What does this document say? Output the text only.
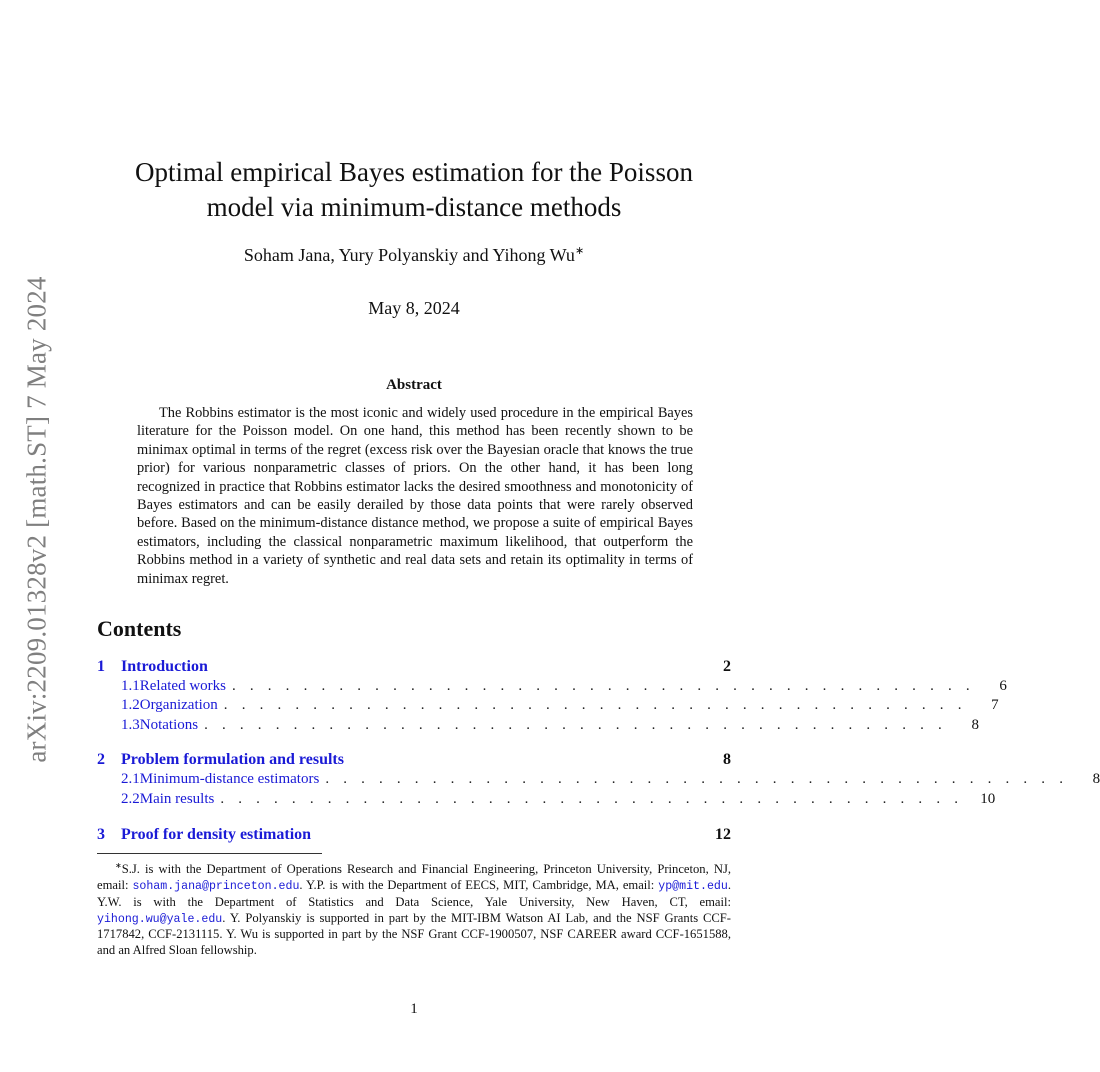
arXiv:2209.01328v2 [math.ST] 7 May 2024
Optimal empirical Bayes estimation for the Poisson
model via minimum-distance methods
Soham Jana, Yury Polyanskiy and Yihong Wu∗
May 8, 2024
Abstract

The Robbins estimator is the most iconic and widely used procedure in the empirical Bayes literature for the Poisson model. On one hand, this method has been recently shown to be minimax optimal in terms of the regret (excess risk over the Bayesian oracle that knows the true prior) for various nonparametric classes of priors. On the other hand, it has been long recognized in practice that Robbins estimator lacks the desired smoothness and monotonicity of Bayes estimators and can be easily derailed by those data points that were rarely observed before. Based on the minimum-distance distance method, we propose a suite of empirical Bayes estimators, including the classical nonparametric maximum likelihood, that outperform the Robbins method in a variety of synthetic and real data sets and retain its optimality in terms of minimax regret.

Contents
1	Introduction	2
1.1 Related works . . . . . . . . . . . . . . . . . . . . . . . . . . . . . . . . . . . . . . . . . .	6
1.2 Organization . . . . . . . . . . . . . . . . . . . . . . . . . . . . . . . . . . . . . . . . . .	7
1.3 Notations . . . . . . . . . . . . . . . . . . . . . . . . . . . . . . . . . . . . . . . . . .	8
2	Problem formulation and results	8
2.1 Minimum-distance estimators . . . . . . . . . . . . . . . . . . . . . . . . . . . . . . . . . . . . . . . . . .	8
2.2 Main results . . . . . . . . . . . . . . . . . . . . . . . . . . . . . . . . . . . . . . . . . .	10
3	Proof for density estimation	12

∗S.J. is with the Department of Operations Research and Financial Engineering, Princeton University, Princeton, NJ, email: soham.jana@princeton.edu. Y.P. is with the Department of EECS, MIT, Cambridge, MA, email: yp@mit.edu. Y.W. is with the Department of Statistics and Data Science, Yale University, New Haven, CT, email: yihong.wu@yale.edu. Y. Polyanskiy is supported in part by the MIT-IBM Watson AI Lab, and the NSF Grants CCF-1717842, CCF-2131115. Y. Wu is supported in part by the NSF Grant CCF-1900507, NSF CAREER award CCF-1651588, and an Alfred Sloan fellowship.

1
